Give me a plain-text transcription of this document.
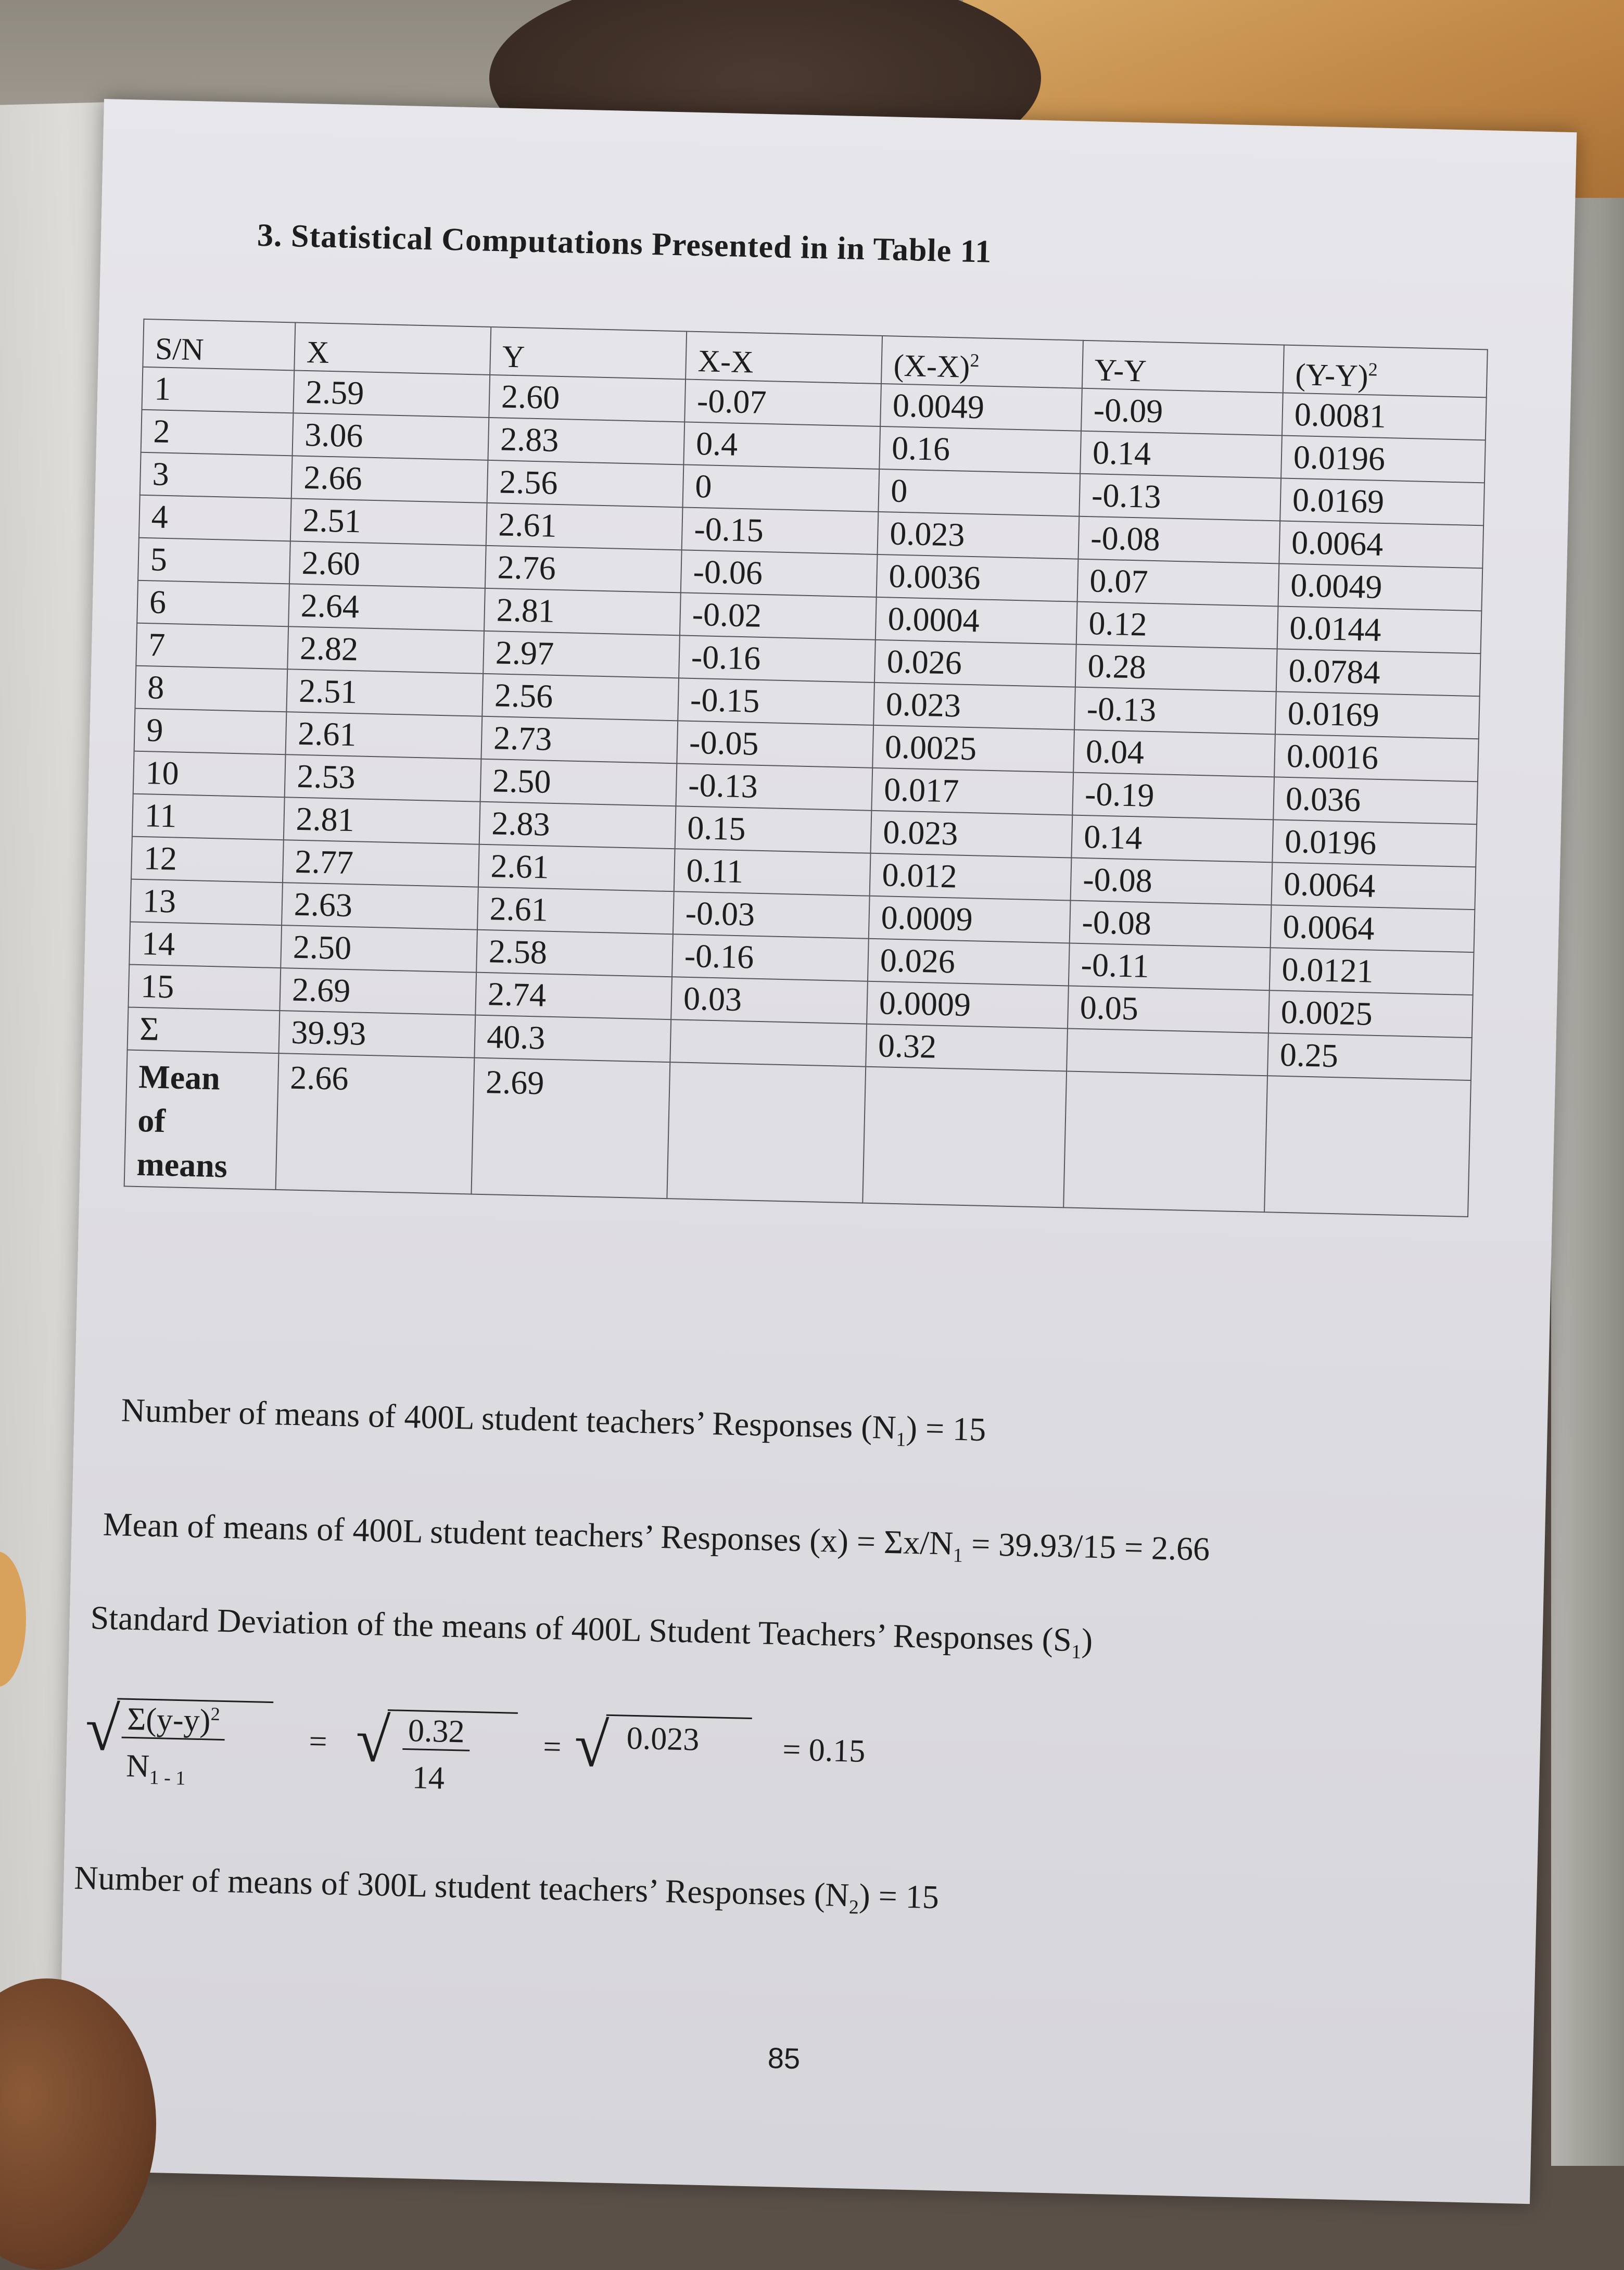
3. Statistical Computations Presented in in Table 11
S/N	X	Y	X-X	$(X-X)^2$	Y-Y	$(Y-Y)^2$
1	2.59	2.60	-0.07	0.0049	-0.09	0.0081
2	3.06	2.83	0.4	0.16	0.14	0.0196
3	2.66	2.56	0	0	-0.13	0.0169
4	2.51	2.61	-0.15	0.023	-0.08	0.0064
5	2.60	2.76	-0.06	0.0036	0.07	0.0049
6	2.64	2.81	-0.02	0.0004	0.12	0.0144
7	2.82	2.97	-0.16	0.026	0.28	0.0784
8	2.51	2.56	-0.15	0.023	-0.13	0.0169
9	2.61	2.73	-0.05	0.0025	0.04	0.0016
10	2.53	2.50	-0.13	0.017	-0.19	0.036
11	2.81	2.83	0.15	0.023	0.14	0.0196
12	2.77	2.61	0.11	0.012	-0.08	0.0064
13	2.63	2.61	-0.03	0.0009	-0.08	0.0064
14	2.50	2.58	-0.16	0.026	-0.11	0.0121
15	2.69	2.74	0.03	0.0009	0.05	0.0025
Σ	39.93	40.3		0.32		0.25

Mean of means	2.66	2.69				
Number of means of 400L student teachers’ Responses $(N_1) = 15$
Mean of means of 400L student teachers’ Responses $(x) = \Sigma x/N_1 = 39.93/15 = 2.66$
Standard Deviation of the means of 400L Student Teachers’ Responses $(S_1)$
√ $\Sigma(y-y)^2$
$N_{1 - 1}$
= √ 0.32
14
= √ 0.023	= 0.15
Number of means of 300L student teachers’ Responses $(N_2) = 15$
85
